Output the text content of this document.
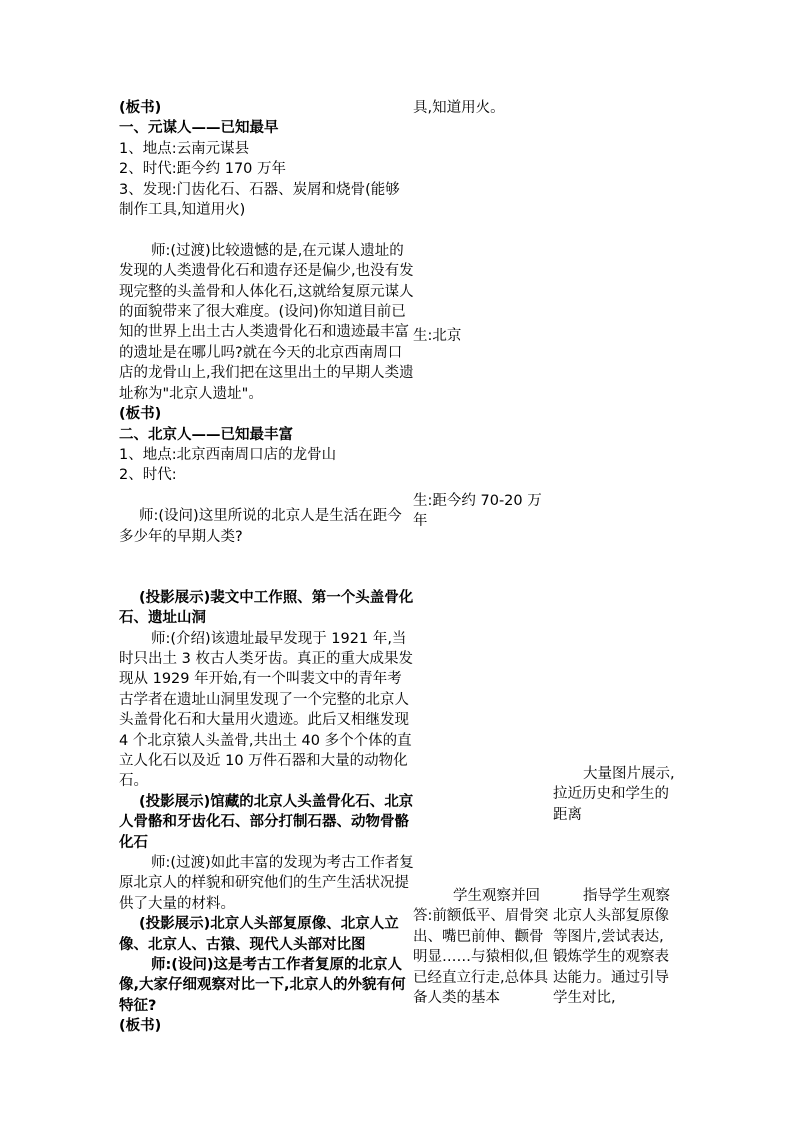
(板书)

一、元谋人——已知最早

1、地点:云南元谋县

2、时代:距今约 170 万年

3、发现:门齿化石、石器、炭屑和烧骨(能够制作工具,知道用火)

师:(过渡)比较遗憾的是,在元谋人遗址的发现的人类遗骨化石和遗存还是偏少,也没有发现完整的头盖骨和人体化石,这就给复原元谋人的面貌带来了很大难度。(设问)你知道目前已知的世界上出土古人类遗骨化石和遗迹最丰富的遗址是在哪儿吗?就在今天的北京西南周口店的龙骨山上,我们把在这里出土的早期人类遗址称为"北京人遗址"。

(板书)

二、北京人——已知最丰富

1、地点:北京西南周口店的龙骨山

2、时代:

师:(设问)这里所说的北京人是生活在距今多少年的早期人类?

(投影展示)裴文中工作照、第一个头盖骨化石、遗址山洞

师:(介绍)该遗址最早发现于 1921 年,当时只出土 3 枚古人类牙齿。真正的重大成果发现从 1929 年开始,有一个叫裴文中的青年考古学者在遗址山洞里发现了一个完整的北京人头盖骨化石和大量用火遗迹。此后又相继发现 4 个北京猿人头盖骨,共出土 40 多个个体的直立人化石以及近 10 万件石器和大量的动物化石。

(投影展示)馆藏的北京人头盖骨化石、北京人骨骼和牙齿化石、部分打制石器、动物骨骼化石

师:(过渡)如此丰富的发现为考古工作者复原北京人的样貌和研究他们的生产生活状况提供了大量的材料。

(投影展示)北京人头部复原像、北京人立像、北京人、古猿、现代人头部对比图

师:(设问)这是考古工作者复原的北京人像,大家仔细观察对比一下,北京人的外貌有何特征?

(板书)

具,知道用火。
生:北京
生:距今约 70-20 万年
学生观察并回答:前额低平、眉骨突出、嘴巴前伸、颧骨明显……与猿相似,但已经直立行走,总体具备人类的基本
大量图片展示,拉近历史和学生的距离
指导学生观察北京人头部复原像等图片,尝试表达,锻炼学生的观察表达能力。通过引导学生对比,
